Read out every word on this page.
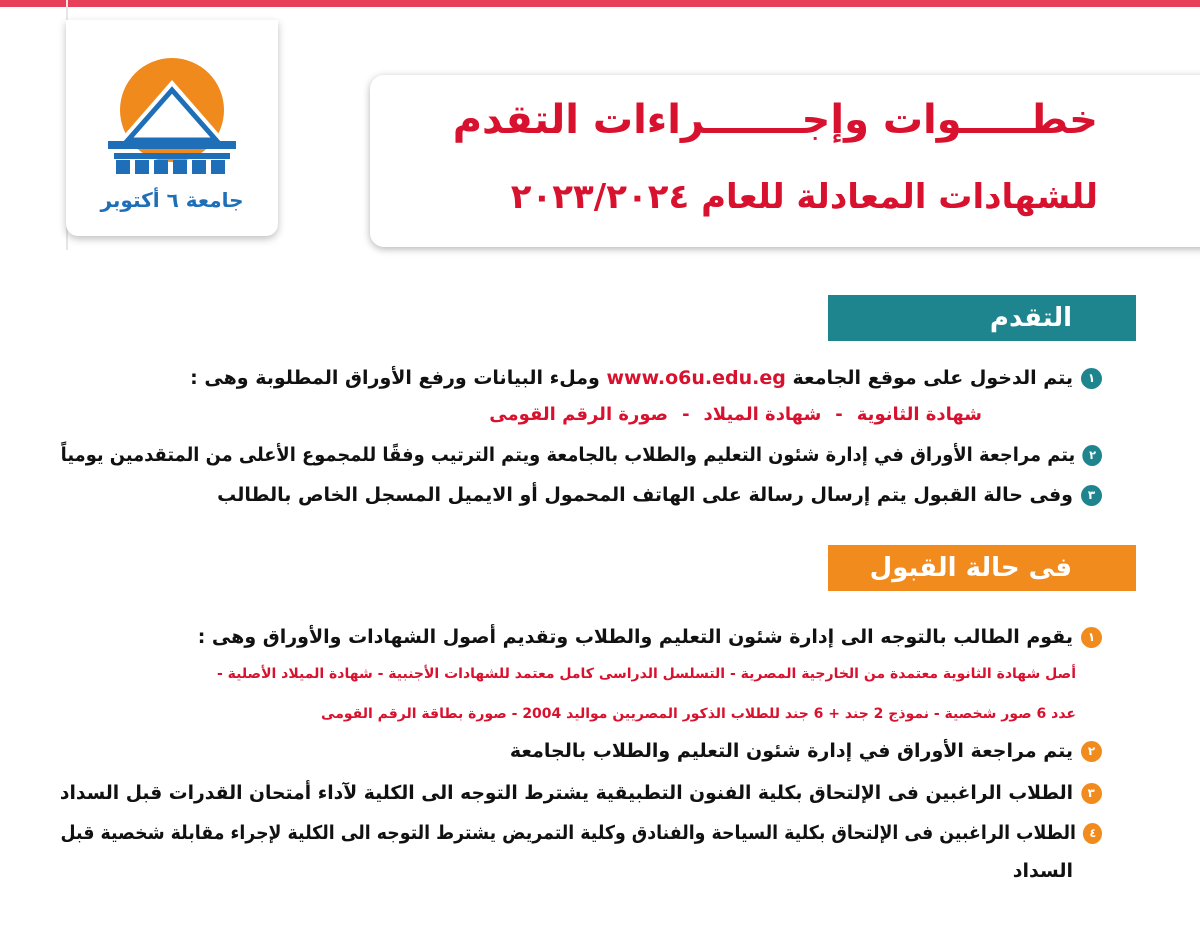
جامعة ٦ أكتوبر
خطـــــوات وإجـــــــراءات التقدم
للشهادات المعادلة للعام ٢٠٢٣/٢٠٢٤
التقدم
١يتم الدخول على موقع الجامعة www.o6u.edu.eg وملء البيانات ورفع الأوراق المطلوبة وهى :
شهادة الثانوية-شهادة الميلاد-صورة الرقم القومى
٢يتم مراجعة الأوراق في إدارة شئون التعليم والطلاب بالجامعة ويتم الترتيب وفقًا للمجموع الأعلى من المتقدمين يومياً
٣وفى حالة القبول يتم إرسال رسالة على الهاتف المحمول أو الايميل المسجل الخاص بالطالب
فى حالة القبول
١يقوم الطالب بالتوجه الى إدارة شئون التعليم والطلاب وتقديم أصول الشهادات والأوراق وهى :
أصل شهادة الثانوية معتمدة من الخارجية المصرية - التسلسل الدراسى كامل معتمد للشهادات الأجنبية - شهادة الميلاد الأصلية -
عدد 6 صور شخصية - نموذج 2 جند + 6 جند للطلاب الذكور المصريين مواليد 2004 - صورة بطاقة الرقم القومى
٢يتم مراجعة الأوراق في إدارة شئون التعليم والطلاب بالجامعة
٣الطلاب الراغبين فى الإلتحاق بكلية الفنون التطبيقية يشترط التوجه الى الكلية لآداء أمتحان القدرات قبل السداد
٤الطلاب الراغبين فى الإلتحاق بكلية السياحة والفنادق وكلية التمريض يشترط التوجه الى الكلية لإجراء مقابلة شخصية قبل
السداد
